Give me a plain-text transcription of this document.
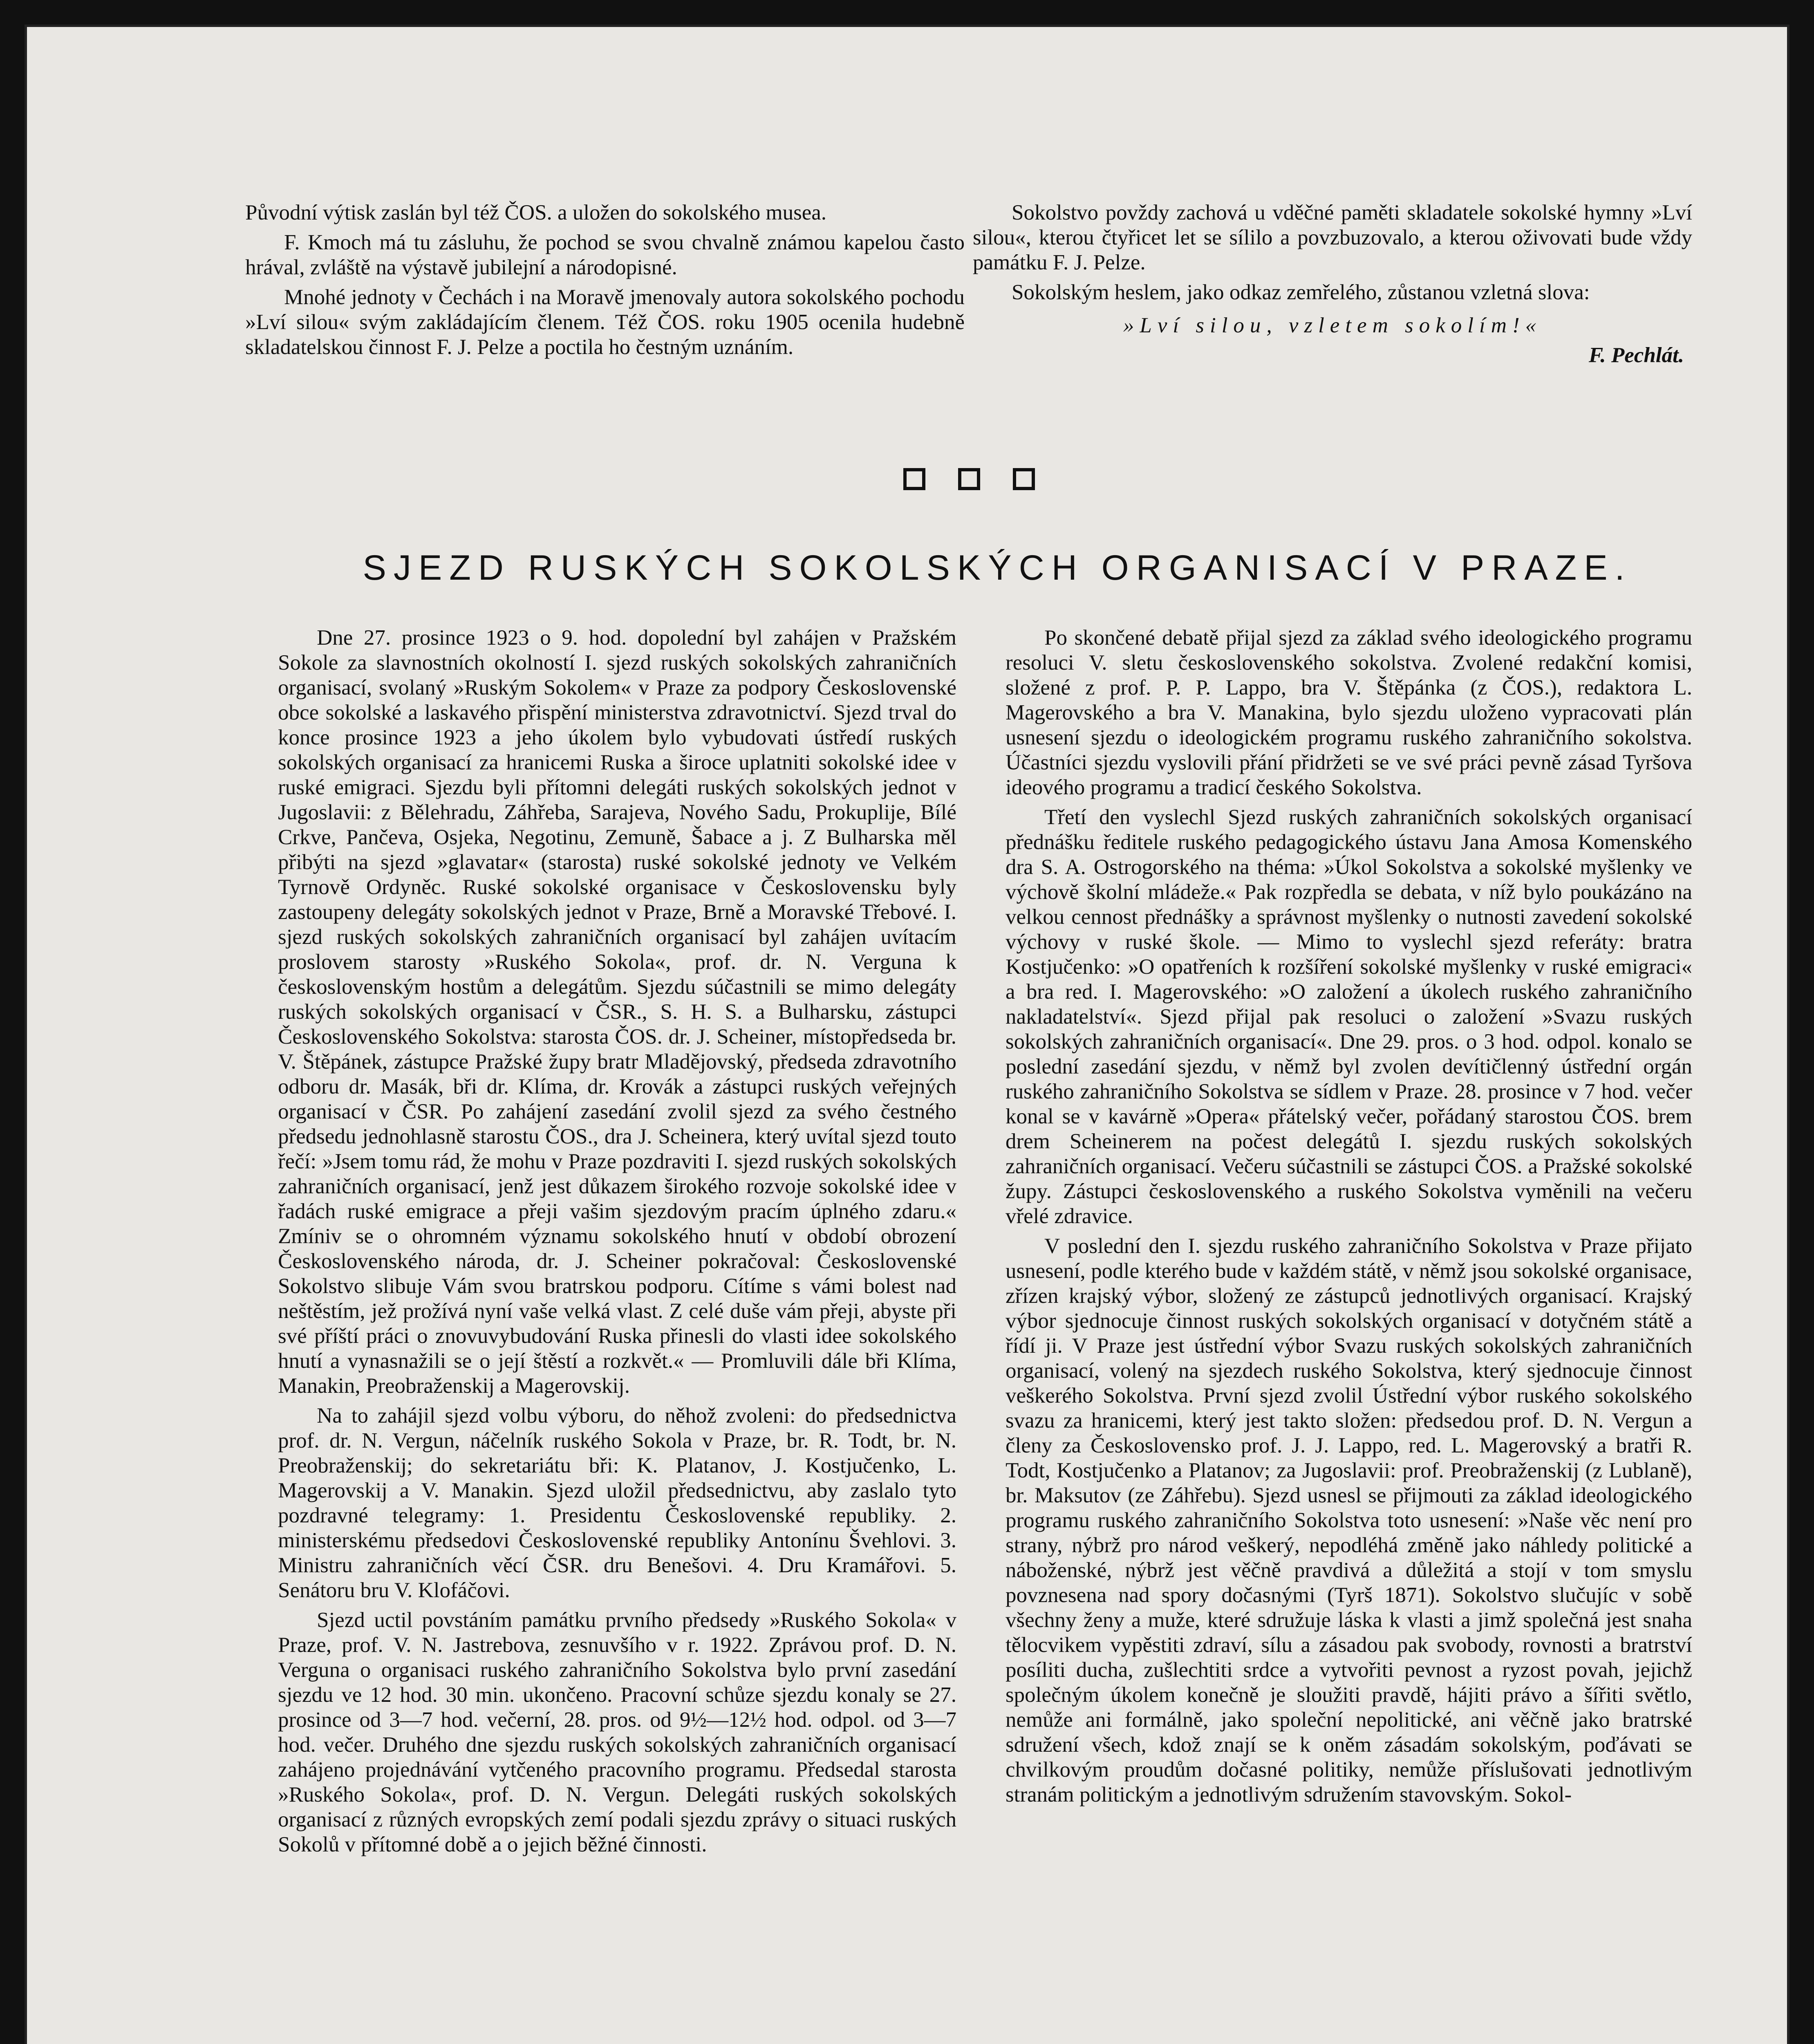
Původní výtisk zaslán byl též ČOS. a uložen do sokolského musea.

F. Kmoch má tu zásluhu, že pochod se svou chvalně známou kapelou často hrával, zvláště na výstavě jubilejní a národopisné.

Mnohé jednoty v Čechách i na Moravě jmenovaly autora sokolského pochodu »Lví silou« svým zakládajícím členem. Též ČOS. roku 1905 ocenila hudebně skladatelskou činnost F. J. Pelze a poctila ho čestným uznáním.

Sokolstvo povždy zachová u vděčné paměti skladatele sokolské hymny »Lví silou«, kterou čtyřicet let se sílilo a povzbuzovalo, a kterou oživovati bude vždy památku F. J. Pelze.

Sokolským heslem, jako odkaz zemřelého, zůstanou vzletná slova:

»Lví silou, vzletem sokolím!«

F. Pechlát.

SJEZD RUSKÝCH SOKOLSKÝCH ORGANISACÍ V PRAZE.

Dne 27. prosince 1923 o 9. hod. dopolední byl zahájen v Pražském Sokole za slavnostních okolností I. sjezd ruských sokolských zahraničních organisací, svolaný »Ruským Sokolem« v Praze za podpory Československé obce sokolské a laskavého přispění ministerstva zdravotnictví. Sjezd trval do konce prosince 1923 a jeho úkolem bylo vybudovati ústředí ruských sokolských organisací za hranicemi Ruska a široce uplatniti sokolské idee v ruské emigraci. Sjezdu byli přítomni delegáti ruských sokolských jednot v Jugoslavii: z Bělehradu, Záhřeba, Sarajeva, Nového Sadu, Prokuplije, Bílé Crkve, Pančeva, Osjeka, Negotinu, Zemuně, Šabace a j. Z Bulharska měl přibýti na sjezd »glavatar« (starosta) ruské sokolské jednoty ve Velkém Tyrnově Ordyněc. Ruské sokolské organisace v Československu byly zastoupeny delegáty sokolských jednot v Praze, Brně a Moravské Třebové. I. sjezd ruských sokolských zahraničních organisací byl zahájen uvítacím proslovem starosty »Ruského Sokola«, prof. dr. N. Verguna k československým hostům a delegátům. Sjezdu súčastnili se mimo delegáty ruských sokolských organisací v ČSR., S. H. S. a Bulharsku, zástupci Československého Sokolstva: starosta ČOS. dr. J. Scheiner, místopředseda br. V. Štěpánek, zástupce Pražské župy bratr Mladějovský, předseda zdravotního odboru dr. Masák, bři dr. Klíma, dr. Krovák a zástupci ruských veřejných organisací v ČSR. Po zahájení zasedání zvolil sjezd za svého čestného předsedu jednohlasně starostu ČOS., dra J. Scheinera, který uvítal sjezd touto řečí: »Jsem tomu rád, že mohu v Praze pozdraviti I. sjezd ruských sokolských zahraničních organisací, jenž jest důkazem širokého rozvoje sokolské idee v řadách ruské emigrace a přeji vašim sjezdovým pracím úplného zdaru.« Zmíniv se o ohromném významu sokolského hnutí v období obrození Československého národa, dr. J. Scheiner pokračoval: Československé Sokolstvo slibuje Vám svou bratrskou podporu. Cítíme s vámi bolest nad neštěstím, jež prožívá nyní vaše velká vlast. Z celé duše vám přeji, abyste při své příští práci o znovuvybudování Ruska přinesli do vlasti idee sokolského hnutí a vynasnažili se o její štěstí a rozkvět.« — Promluvili dále bři Klíma, Manakin, Preobraženskij a Magerovskij.

Na to zahájil sjezd volbu výboru, do něhož zvoleni: do předsednictva prof. dr. N. Vergun, náčelník ruského Sokola v Praze, br. R. Todt, br. N. Preobraženskij; do sekretariátu bři: K. Platanov, J. Kostjučenko, L. Magerovskij a V. Manakin. Sjezd uložil předsednictvu, aby zaslalo tyto pozdravné telegramy: 1. Presidentu Československé republiky. 2. ministerskému předsedovi Československé republiky Antonínu Švehlovi. 3. Ministru zahraničních věcí ČSR. dru Benešovi. 4. Dru Kramářovi. 5. Senátoru bru V. Klofáčovi.

Sjezd uctil povstáním památku prvního předsedy »Ruského Sokola« v Praze, prof. V. N. Jastrebova, zesnuvšího v r. 1922. Zprávou prof. D. N. Verguna o organisaci ruského zahraničního Sokolstva bylo první zasedání sjezdu ve 12 hod. 30 min. ukončeno. Pracovní schůze sjezdu konaly se 27. prosince od 3—7 hod. večerní, 28. pros. od 9½—12½ hod. odpol. od 3—7 hod. večer. Druhého dne sjezdu ruských sokolských zahraničních organisací zahájeno projednávání vytčeného pracovního programu. Předsedal starosta »Ruského Sokola«, prof. D. N. Vergun. Delegáti ruských sokolských organisací z různých evropských zemí podali sjezdu zprávy o situaci ruských Sokolů v přítomné době a o jejich běžné činnosti.

Po skončené debatě přijal sjezd za základ svého ideologického programu resoluci V. sletu československého sokolstva. Zvolené redakční komisi, složené z prof. P. P. Lappo, bra V. Štěpánka (z ČOS.), redaktora L. Magerovského a bra V. Manakina, bylo sjezdu uloženo vypracovati plán usnesení sjezdu o ideologickém programu ruského zahraničního sokolstva. Účastníci sjezdu vyslovili přání přidržeti se ve své práci pevně zásad Tyršova ideového programu a tradicí českého Sokolstva.

Třetí den vyslechl Sjezd ruských zahraničních sokolských organisací přednášku ředitele ruského pedagogického ústavu Jana Amosa Komenského dra S. A. Ostrogorského na théma: »Úkol Sokolstva a sokolské myšlenky ve výchově školní mládeže.« Pak rozpředla se debata, v níž bylo poukázáno na velkou cennost přednášky a správnost myšlenky o nutnosti zavedení sokolské výchovy v ruské škole. — Mimo to vyslechl sjezd referáty: bratra Kostjučenko: »O opatřeních k rozšíření sokolské myšlenky v ruské emigraci« a bra red. I. Magerovského: »O založení a úkolech ruského zahraničního nakladatelství«. Sjezd přijal pak resoluci o založení »Svazu ruských sokolských zahraničních organisací«. Dne 29. pros. o 3 hod. odpol. konalo se poslední zasedání sjezdu, v němž byl zvolen devítičlenný ústřední orgán ruského zahraničního Sokolstva se sídlem v Praze. 28. prosince v 7 hod. večer konal se v kavárně »Opera« přátelský večer, pořádaný starostou ČOS. brem drem Scheinerem na počest delegátů I. sjezdu ruských sokolských zahraničních organisací. Večeru súčastnili se zástupci ČOS. a Pražské sokolské župy. Zástupci československého a ruského Sokolstva vyměnili na večeru vřelé zdravice.

V poslední den I. sjezdu ruského zahraničního Sokolstva v Praze přijato usnesení, podle kterého bude v každém státě, v němž jsou sokolské organisace, zřízen krajský výbor, složený ze zástupců jednotlivých organisací. Krajský výbor sjednocuje činnost ruských sokolských organisací v dotyčném státě a řídí ji. V Praze jest ústřední výbor Svazu ruských sokolských zahraničních organisací, volený na sjezdech ruského Sokolstva, který sjednocuje činnost veškerého Sokolstva. První sjezd zvolil Ústřední výbor ruského sokolského svazu za hranicemi, který jest takto složen: předsedou prof. D. N. Vergun a členy za Československo prof. J. J. Lappo, red. L. Magerovský a bratři R. Todt, Kostjučenko a Platanov; za Jugoslavii: prof. Preobraženskij (z Lublaně), br. Maksutov (ze Záhřebu). Sjezd usnesl se přijmouti za základ ideologického programu ruského zahraničního Sokolstva toto usnesení: »Naše věc není pro strany, nýbrž pro národ veškerý, nepodléhá změně jako náhledy politické a náboženské, nýbrž jest věčně pravdivá a důležitá a stojí v tom smyslu povznesena nad spory dočasnými (Tyrš 1871). Sokolstvo slučujíc v sobě všechny ženy a muže, které sdružuje láska k vlasti a jimž společná jest snaha tělocvikem vypěstiti zdraví, sílu a zásadou pak svobody, rovnosti a bratrství posíliti ducha, zušlechtiti srdce a vytvořiti pevnost a ryzost povah, jejichž společným úkolem konečně je sloužiti pravdě, hájiti právo a šířiti světlo, nemůže ani formálně, jako společní nepolitické, ani věčně jako bratrské sdružení všech, kdož znají se k oněm zásadám sokolským, poďávati se chvilkovým proudům dočasné politiky, nemůže příslušovati jednotlivým stranám politickým a jednotlivým sdružením stavovským. Sokol-
